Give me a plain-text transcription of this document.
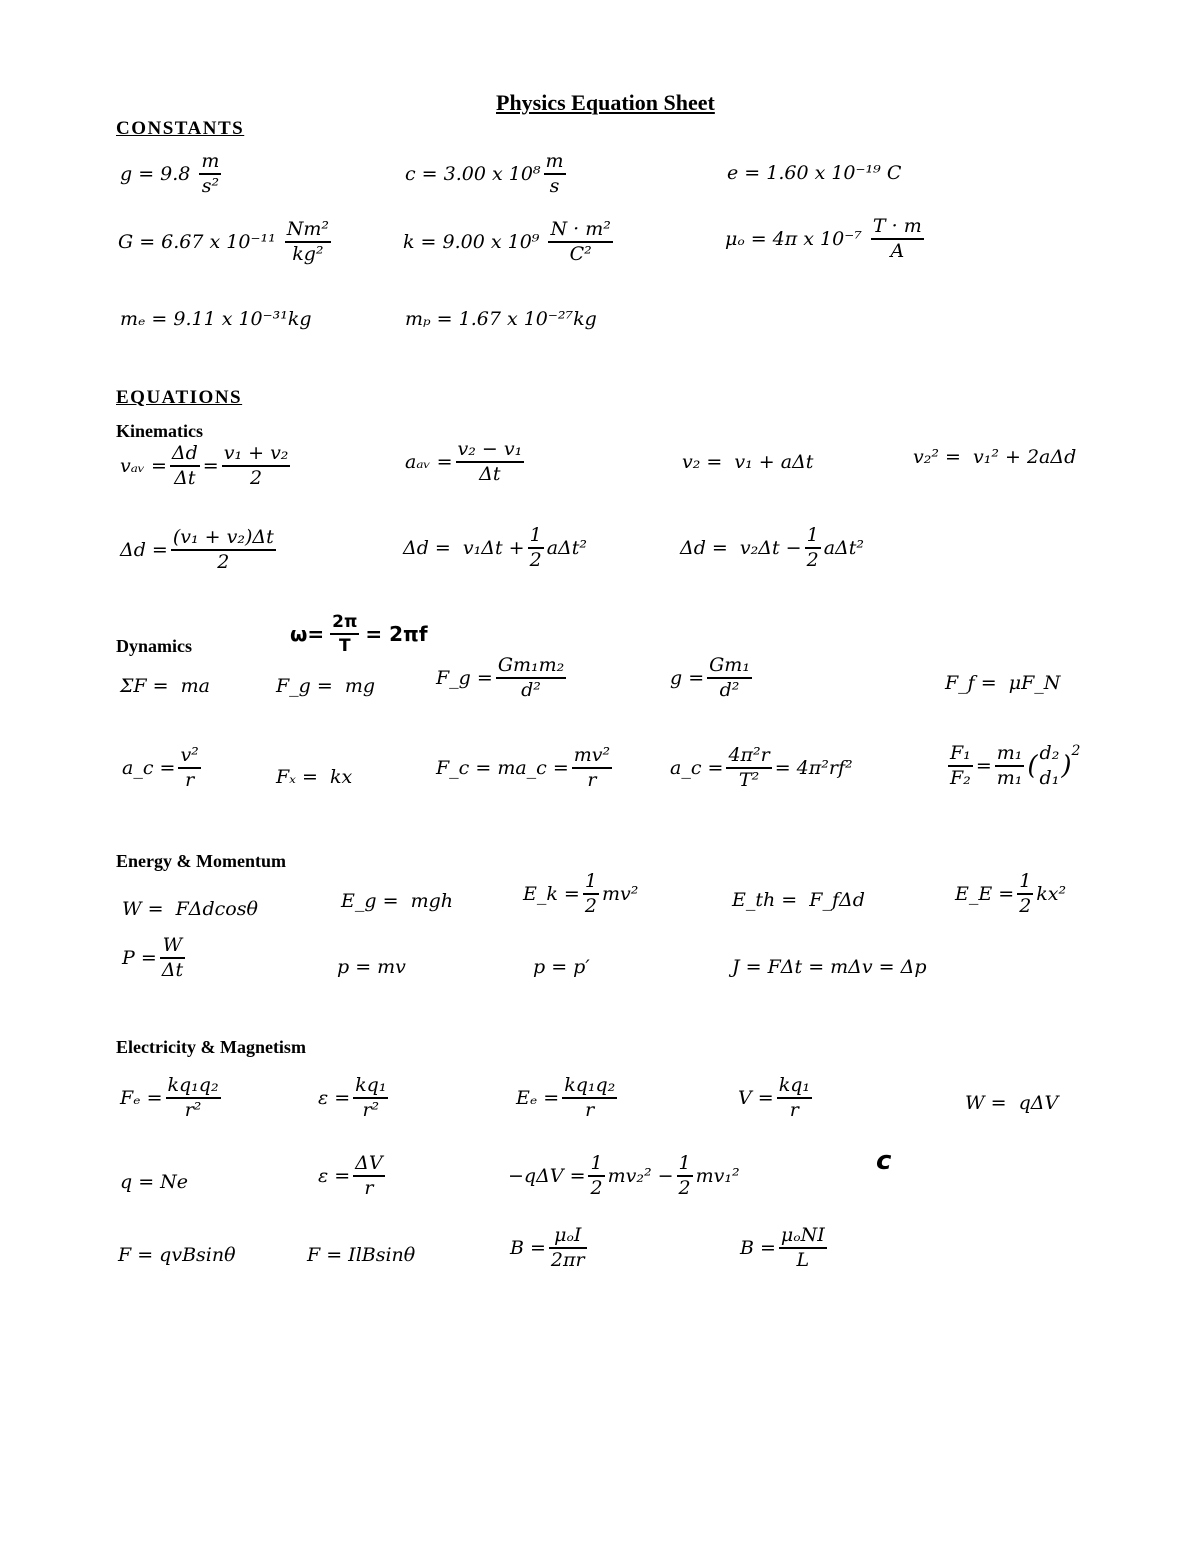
Physics Equation Sheet
CONSTANTS
$g = 9.8 \frac{m}{\text{s²}}$	c = 3.00 x $10^8 \frac{m}{s}$	e = 1.60 x 10⁻¹⁹ C
G = 6.67 x $10^{-11} \frac{\text{Nm²}}{\text{kg²}}$	k = 9.00 x $10^9 \frac{\text{N · m²}}{\text{C²}}$	μₒ = 4π x $10^{-7} \frac{T \cdot m}{A}$
mₑ = 9.11 x 10⁻³¹kg	mₚ = 1.67 x 10⁻²⁷kg
EQUATIONS
Kinematics
vₐᵥ = $\frac{\Delta d}{\Delta t} = \frac{\text{v₁ + v₂}}{2}$	aₐᵥ = $\frac{\text{v₂ − v₁}}{\Delta t}$	v₂ =  v₁ + aΔt	v₂² =  v₁² + 2aΔd
$\Delta d = \frac{\text{(v₁ + v₂)Δt}}{2}$	$\Delta d = v_1\Delta t + \frac{1}{2} a\Delta t^2$	$\Delta d = v_2\Delta t - \frac{1}{2} a\Delta t^2$
$\omega= \frac{2\pi}{T} = 2\pi f$
Dynamics
ΣF =  ma	F_g =  mg	F_g = $\frac{\text{Gm₁m₂}}{\text{d²}}$	$g = \frac{\text{Gm₁}}{\text{d²}}$	F_f =  μF_N
a_c = $\frac{\text{v²}}{r}$	Fₓ =  kx	F_c = ma_c = $\frac{\text{mv²}}{r}$	a_c = $\frac{\text{4π²r}}{\text{T²}} = 4\pi^2rf^2$	$\frac{\text{F₁}}{\text{F₂}} = \frac{\text{m₁}}{\text{m₁}}$ ( d₂
d₁ )$^2$
Energy & Momentum
W =  FΔdcosθ	E_g =  mgh	E_k = $\frac{1}{2} mv^2$	E_th =  F_fΔd	E_E = $\frac{1}{2} kx^2$
$P = \frac{W}{\Delta t}$	p = mv	p = p′	J = FΔt = mΔv = Δp
Electricity & Magnetism
$F_e = \frac{\text{kq₁q₂}}{\text{r²}}$	$\varepsilon = \frac{\text{kq₁}}{\text{r²}}$	$E_e = \frac{\text{kq₁q₂}}{r}$	$V = \frac{\text{kq₁}}{r}$	W =  qΔV
q = Ne	$\varepsilon = \frac{\Delta V}{r}$	$-q\Delta V = \frac{1}{2} mv_2^2 - \frac{1}{2} mv_1^2$	c
F = qvBsinθ	F = IlBsinθ	$B = \frac{\text{μₒI}}{2\pi r}$	$B = \frac{\text{μₒNI}}{L}$
